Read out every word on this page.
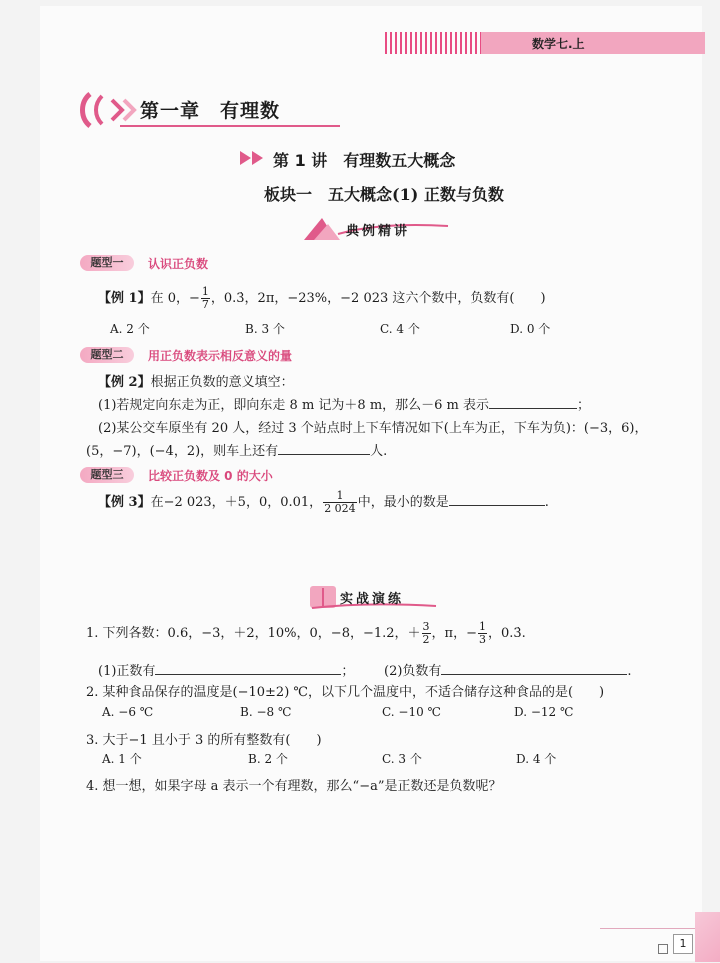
数学七.上
第一章　有理数
第 1 讲　有理数五大概念
板块一　五大概念(1) 正数与负数
典例精讲
题型一	认识正负数
【例 1】在 0，− $\frac{1}{7}$ ，0.3̇，2π，−23%，−2 023 这六个数中，负数有(　　)
A. 2 个	B. 3 个	C. 4 个	D. 0 个
题型二	用正负数表示相反意义的量
【例 2】根据正负数的意义填空：
(1)若规定向东走为正，即向东走 8 m 记为＋8 m，那么－6 m 表示	；
(2)某公交车原坐有 20 人，经过 3 个站点时上下车情况如下(上车为正，下车为负)：(−3，6)，
(5，−7)，(−4，2)，则车上还有	人.
题型三	比较正负数及 0 的大小
【例 3】在−2 023，＋5，0，0.01， $\frac{1}{2 024}$ 中，最小的数是	.
实战演练
1. 下列各数：0.6，−3，＋2，10%，0，−8，−1.2，＋ $\frac{3}{2}$ ，π，− $\frac{1}{3}$ ，0.3̇.
(1)正数有	； (2)负数有	.
2. 某种食品保存的温度是(−10±2) ℃，以下几个温度中，不适合储存这种食品的是(　　)
A. −6 ℃	B. −8 ℃	C. −10 ℃	D. −12 ℃
3. 大于−1 且小于 3 的所有整数有(　　)
A. 1 个	B. 2 个	C. 3 个	D. 4 个
4. 想一想，如果字母 a 表示一个有理数，那么“−a”是正数还是负数呢？
1
